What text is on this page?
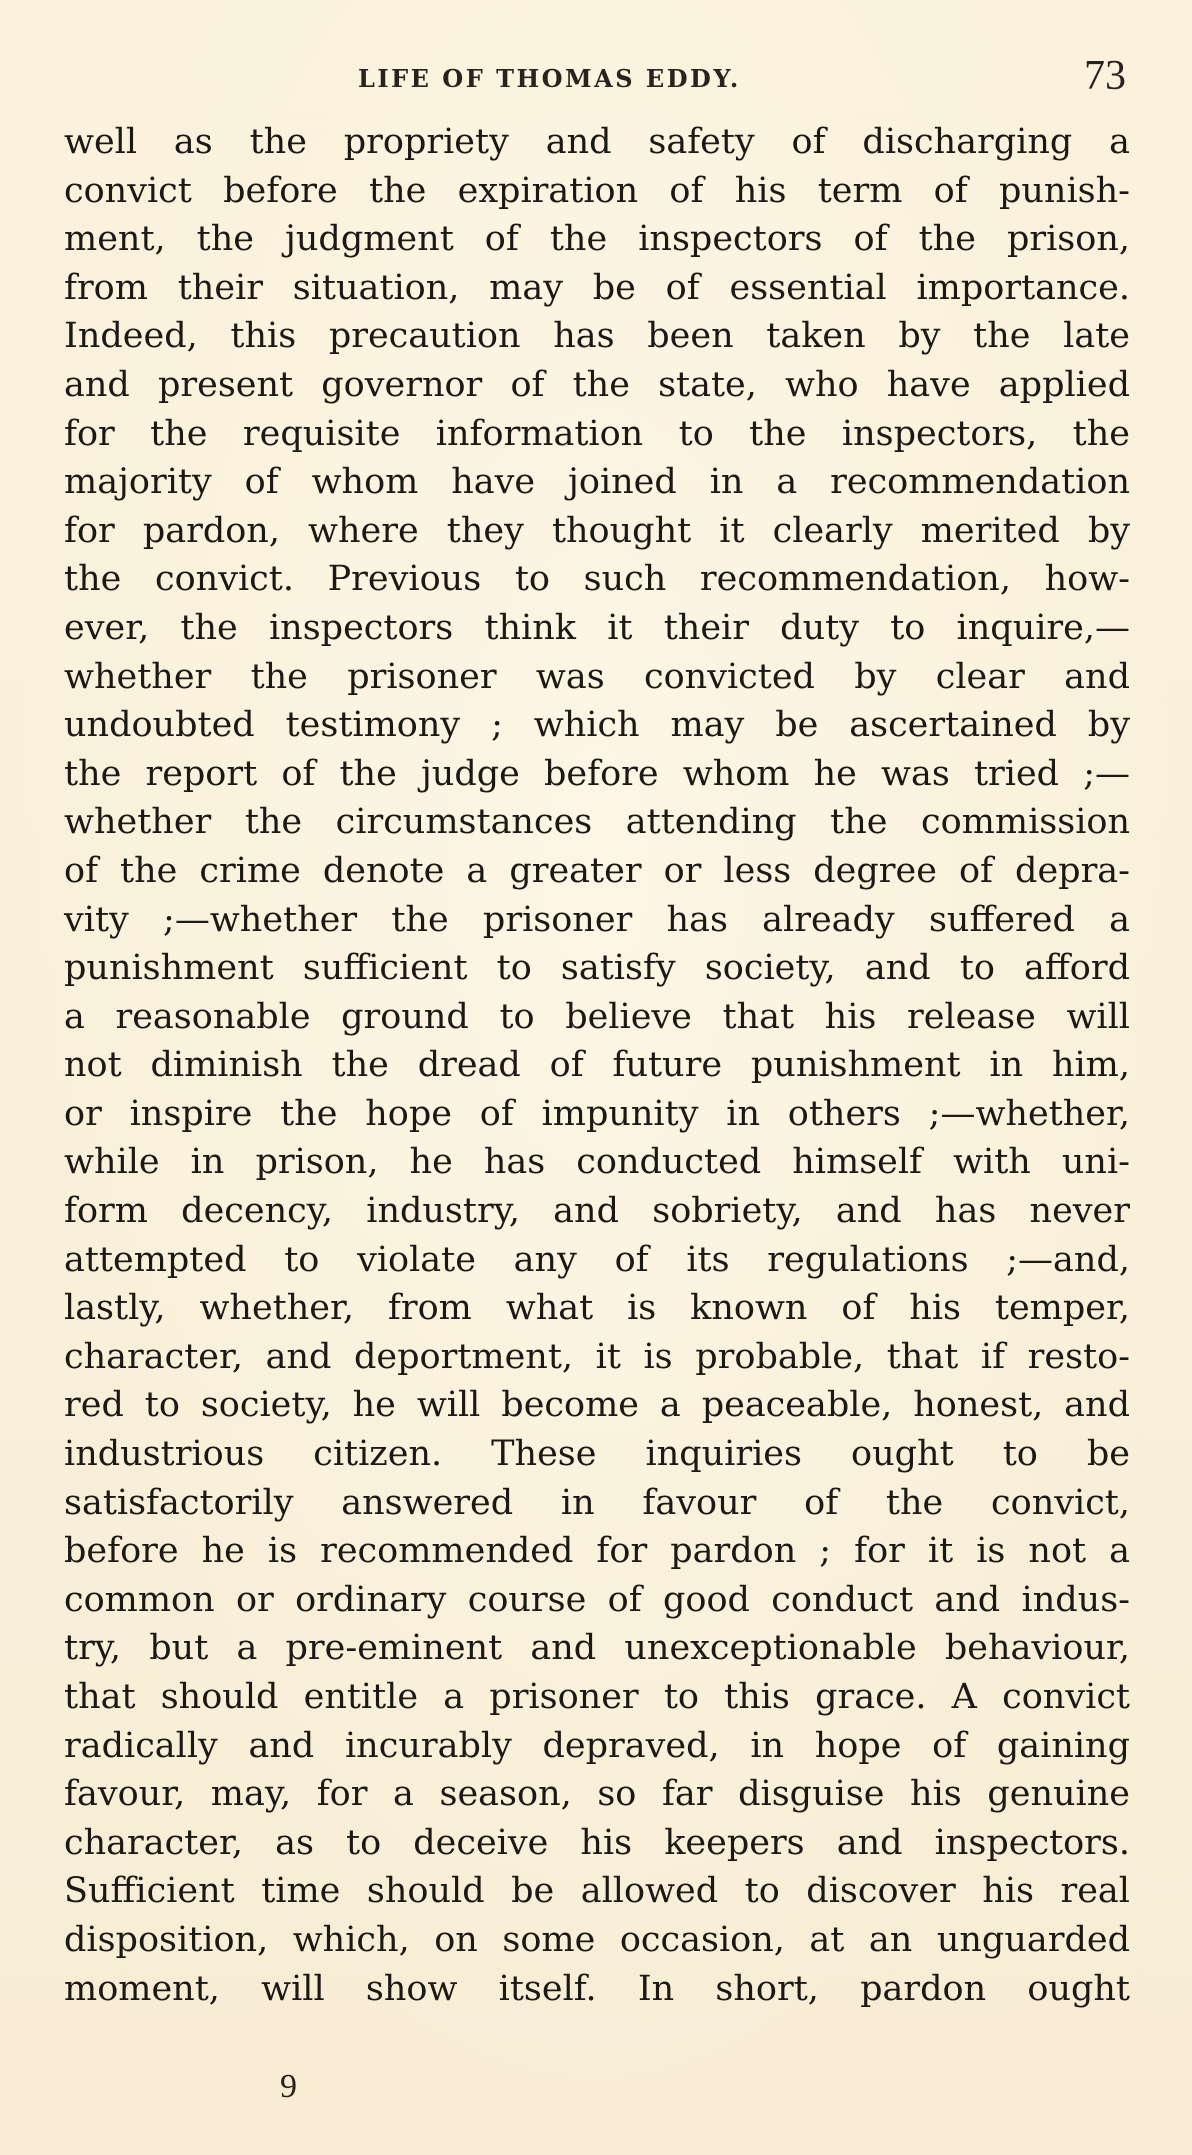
LIFE OF THOMAS EDDY.	73
well as the propriety and safety of discharging a
convict before the expiration of his term of punish-
ment, the judgment of the inspectors of the prison,
from their situation, may be of essential importance.
Indeed, this precaution has been taken by the late
and present governor of the state, who have applied
for the requisite information to the inspectors, the
majority of whom have joined in a recommendation
for pardon, where they thought it clearly merited by
the convict. Previous to such recommendation, how-
ever, the inspectors think it their duty to inquire,—
whether the prisoner was convicted by clear and
undoubted testimony ; which may be ascertained by
the report of the judge before whom he was tried ;—
whether the circumstances attending the commission
of the crime denote a greater or less degree of depra-
vity ;—whether the prisoner has already suffered a
punishment sufficient to satisfy society, and to afford
a reasonable ground to believe that his release will
not diminish the dread of future punishment in him,
or inspire the hope of impunity in others ;—whether,
while in prison, he has conducted himself with uni-
form decency, industry, and sobriety, and has never
attempted to violate any of its regulations ;—and,
lastly, whether, from what is known of his temper,
character, and deportment, it is probable, that if resto-
red to society, he will become a peaceable, honest, and
industrious citizen. These inquiries ought to be
satisfactorily answered in favour of the convict,
before he is recommended for pardon ; for it is not a
common or ordinary course of good conduct and indus-
try, but a pre-eminent and unexceptionable behaviour,
that should entitle a prisoner to this grace. A convict
radically and incurably depraved, in hope of gaining
favour, may, for a season, so far disguise his genuine
character, as to deceive his keepers and inspectors.
Sufficient time should be allowed to discover his real
disposition, which, on some occasion, at an unguarded
moment, will show itself. In short, pardon ought
9
